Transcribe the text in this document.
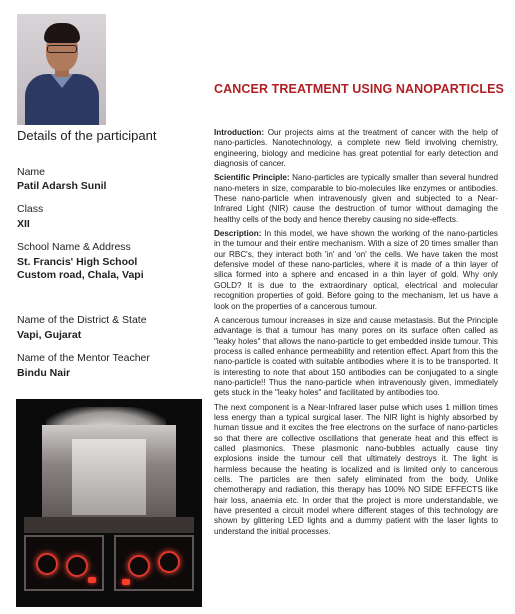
CANCER TREATMENT USING NANOPARTICLES
Details of the participant
Name
Patil Adarsh Sunil
Class
XII
School Name & Address
St. Francis' High School
Custom road, Chala, Vapi
Name of the District & State
Vapi, Gujarat
Name of the Mentor Teacher
Bindu Nair

Introduction: Our projects aims at the treatment of cancer with the help of nano-particles. Nanotechnology, a complete new field involving chemistry, engineering, biology and medicine has great potential for early detection and diagnosis of cancer.

Scientific Principle: Nano-particles are typically smaller than several hundred nano-meters in size, comparable to bio-molecules like enzymes or antibodies. These nano-particle when intravenously given and subjected to a Near-Infrared Light (NIR) cause the destruction of tumor without damaging the healthy cells of the body and hence thereby causing no side-effects.

Description: In this model, we have shown the working of the nano-particles in the tumour and their entire mechanism. With a size of 20 times smaller than our RBC's, they interact both 'in' and 'on' the cells. We have taken the most defensive model of these nano-particles, where it is made of a thin layer of silica formed into a sphere and encased in a thin layer of gold. Why only GOLD? It is due to the extraordinary optical, electrical and molecular recognition properties of gold. Before going to the mechanism, let us have a look on the properties of a cancerous tumour.

A cancerous tumour increases in size and cause metastasis. But the Principle advantage is that a tumour has many pores on its surface often called as "leaky holes" that allows the nano-particle to get embedded inside tumour. This process is called enhance permeability and retention effect. Apart from this the nano-particle is coated with suitable antibodies where it is to be transported. It is interesting to note that about 150 antibodies can be conjugated to a single nano-particle!! Thus the nano-particle when intravenously given, immediately gets stuck in the "leaky holes" and facilitated by antibodies too.

The next component is a Near-Infrared laser pulse which uses 1 million times less energy than a typical surgical laser. The NIR light is highly absorbed by human tissue and it excites the free electrons on the surface of nano-particles so that there are collective oscillations that generate heat and this effect is called plasmonics. These plasmonic nano-bubbles actually cause tiny explosions inside the tumour cell that ultimately destroys it. The light is harmless because the heating is localized and is limited only to cancerous cells. The particles are then safely eliminated from the body. Unlike chemotherapy and radiation, this therapy has 100% NO SIDE EFFECTS like hair loss, anaemia etc. In order that the project is more understandable, we have presented a circuit model where different stages of this technology are shown by glittering LED lights and a dummy patient with the laser lights to understand the initial processes.
